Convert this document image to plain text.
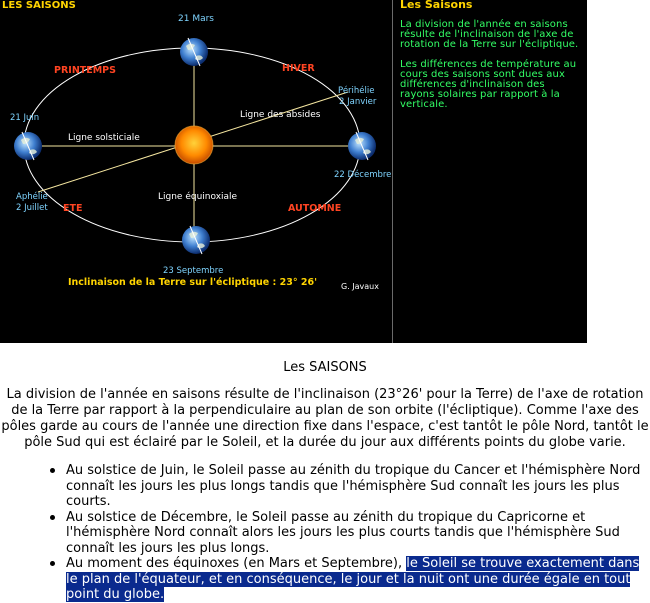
LES SAISONS
21 Mars
PRINTEMPS	HIVER
Périhélie
2 Janvier
21 Juin
Ligne solsticiale
Ligne des absides
22 Décembre
Aphélie
2 Juillet ETE
Ligne équinoxiale
AUTOMNE
23 Septembre
Inclinaison de la Terre sur l'écliptique : 23° 26'	G. Javaux
Les Saisons

La division de l'année en saisons résulte de l'inclinaison de l'axe de rotation de la Terre sur l'écliptique.

Les différences de température au cours des saisons sont dues aux différences d'inclinaison des rayons solaires par rapport à la verticale.

Les SAISONS

La division de l'année en saisons résulte de l'inclinaison (23°26' pour la Terre) de l'axe de rotation de la Terre par rapport à la perpendiculaire au plan de son orbite (l'écliptique). Comme l'axe des pôles garde au cours de l'année une direction fixe dans l'espace, c'est tantôt le pôle Nord, tantôt le pôle Sud qui est éclairé par le Soleil, et la durée du jour aux différents points du globe varie.

Au solstice de Juin, le Soleil passe au zénith du tropique du Cancer et l'hémisphère Nord connaît les jours les plus longs tandis que l'hémisphère Sud connaît les jours les plus courts.
Au solstice de Décembre, le Soleil passe au zénith du tropique du Capricorne et l'hémisphère Nord connaît alors les jours les plus courts tandis que l'hémisphère Sud connaît les jours les plus longs.
Au moment des équinoxes (en Mars et Septembre), le Soleil se trouve exactement dans le plan de l'équateur, et en conséquence, le jour et la nuit ont une durée égale en tout point du globe.
